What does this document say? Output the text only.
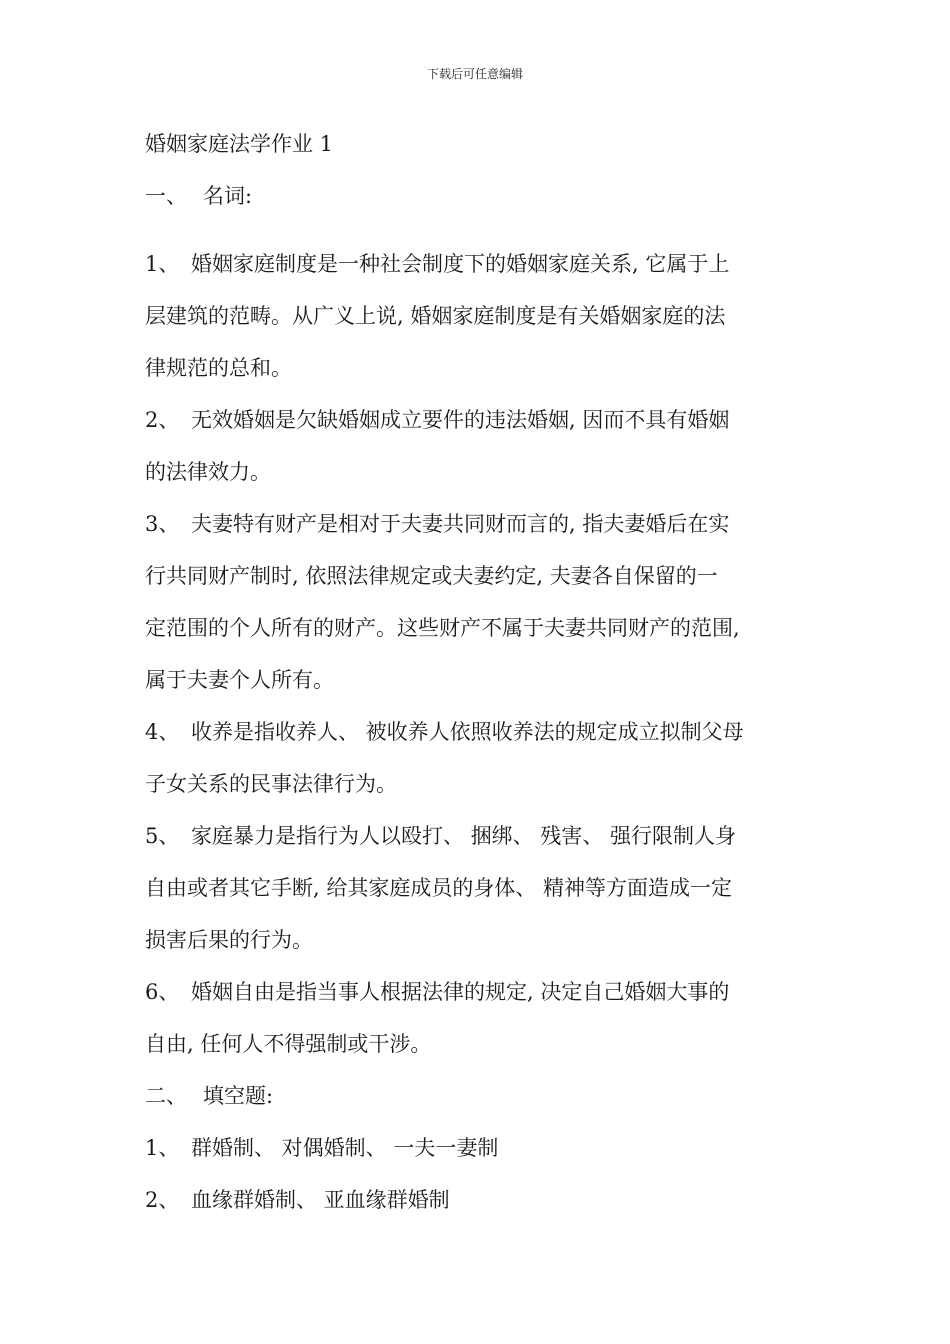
下载后可任意编辑
婚姻家庭法学作业 1
一、 名词:
1、 婚姻家庭制度是一种社会制度下的婚姻家庭关系, 它属于上
层建筑的范畴。从广义上说, 婚姻家庭制度是有关婚姻家庭的法
律规范的总和。
2、 无效婚姻是欠缺婚姻成立要件的违法婚姻, 因而不具有婚姻
的法律效力。
3、 夫妻特有财产是相对于夫妻共同财而言的, 指夫妻婚后在实
行共同财产制时, 依照法律规定或夫妻约定, 夫妻各自保留的一
定范围的个人所有的财产。这些财产不属于夫妻共同财产的范围,
属于夫妻个人所有。
4、 收养是指收养人、 被收养人依照收养法的规定成立拟制父母
子女关系的民事法律行为。
5、 家庭暴力是指行为人以殴打、 捆绑、 残害、 强行限制人身
自由或者其它手断, 给其家庭成员的身体、 精神等方面造成一定
损害后果的行为。
6、 婚姻自由是指当事人根据法律的规定, 决定自己婚姻大事的
自由, 任何人不得强制或干涉。
二、 填空题:
1、 群婚制、 对偶婚制、 一夫一妻制
2、 血缘群婚制、 亚血缘群婚制
